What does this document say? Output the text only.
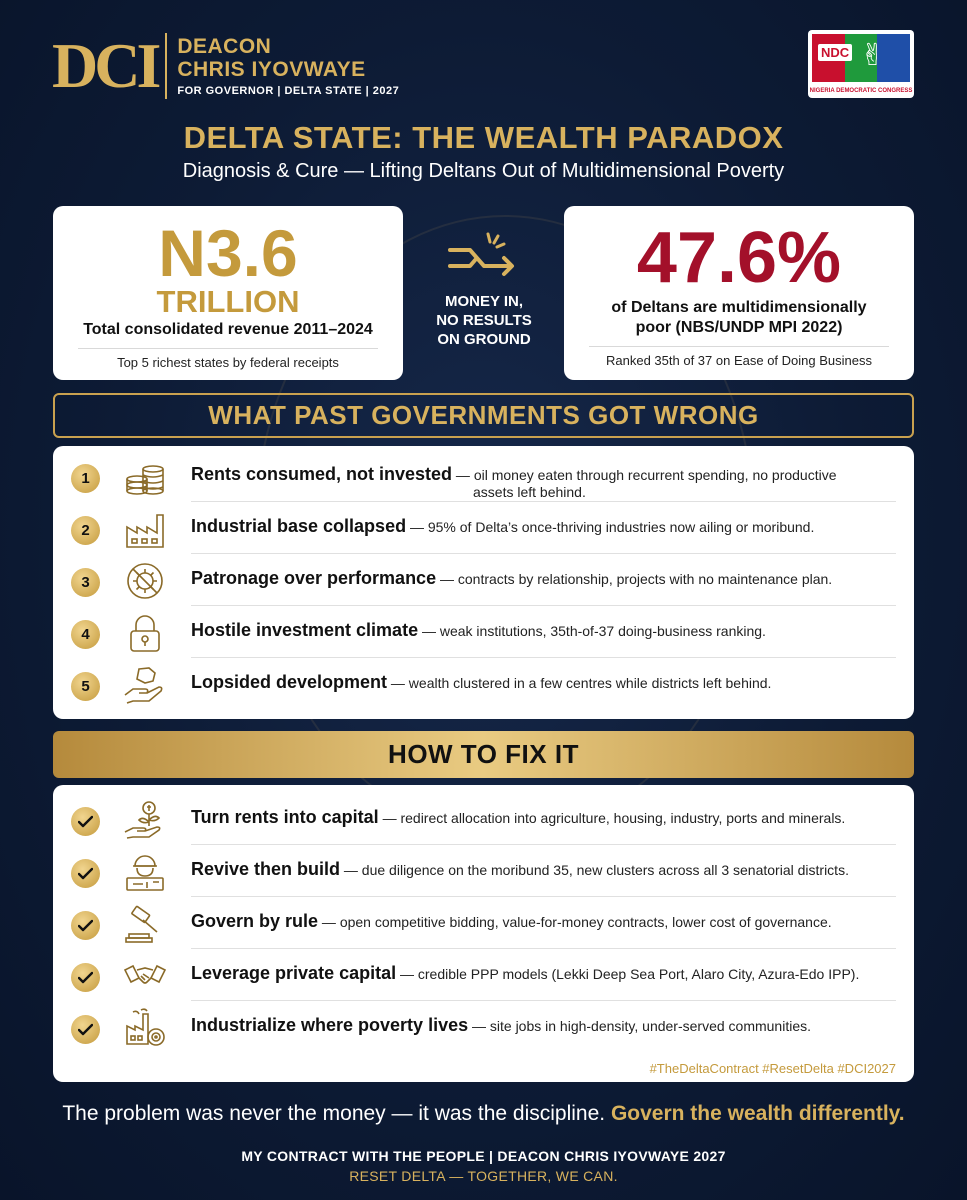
DCI DEACON
CHRIS IYOVWAYE
FOR GOVERNOR | DELTA STATE | 2027
NDC ✌
NIGERIA DEMOCRATIC CONGRESS
DELTA STATE: THE WEALTH PARADOX
Diagnosis & Cure — Lifting Deltans Out of Multidimensional Poverty
N3.6
TRILLION
Total consolidated revenue 2011–2024
Top 5 richest states by federal receipts
MONEY IN,
NO RESULTS
ON GROUND
47.6%
of Deltans are multidimensionally
poor (NBS/UNDP MPI 2022)
Ranked 35th of 37 on Ease of Doing Business
WHAT PAST GOVERNMENTS GOT WRONG
1	Rents consumed, not invested — oil money eaten through recurrent spending, no productive
assets left behind.
2	Industrial base collapsed — 95% of Delta’s once-thriving industries now ailing or moribund.
3	Patronage over performance — contracts by relationship, projects with no maintenance plan.
4	Hostile investment climate — weak institutions, 35th-of-37 doing-business ranking.
5	Lopsided development — wealth clustered in a few centres while districts left behind.
HOW TO FIX IT
Turn rents into capital — redirect allocation into agriculture, housing, industry, ports and minerals.
Revive then build — due diligence on the moribund 35, new clusters across all 3 senatorial districts.
Govern by rule — open competitive bidding, value-for-money contracts, lower cost of governance.
Leverage private capital — credible PPP models (Lekki Deep Sea Port, Alaro City, Azura-Edo IPP).
Industrialize where poverty lives — site jobs in high-density, under-served communities.
#TheDeltaContract #ResetDelta #DCI2027
The problem was never the money — it was the discipline. Govern the wealth differently.
MY CONTRACT WITH THE PEOPLE | DEACON CHRIS IYOVWAYE 2027
RESET DELTA — TOGETHER, WE CAN.
